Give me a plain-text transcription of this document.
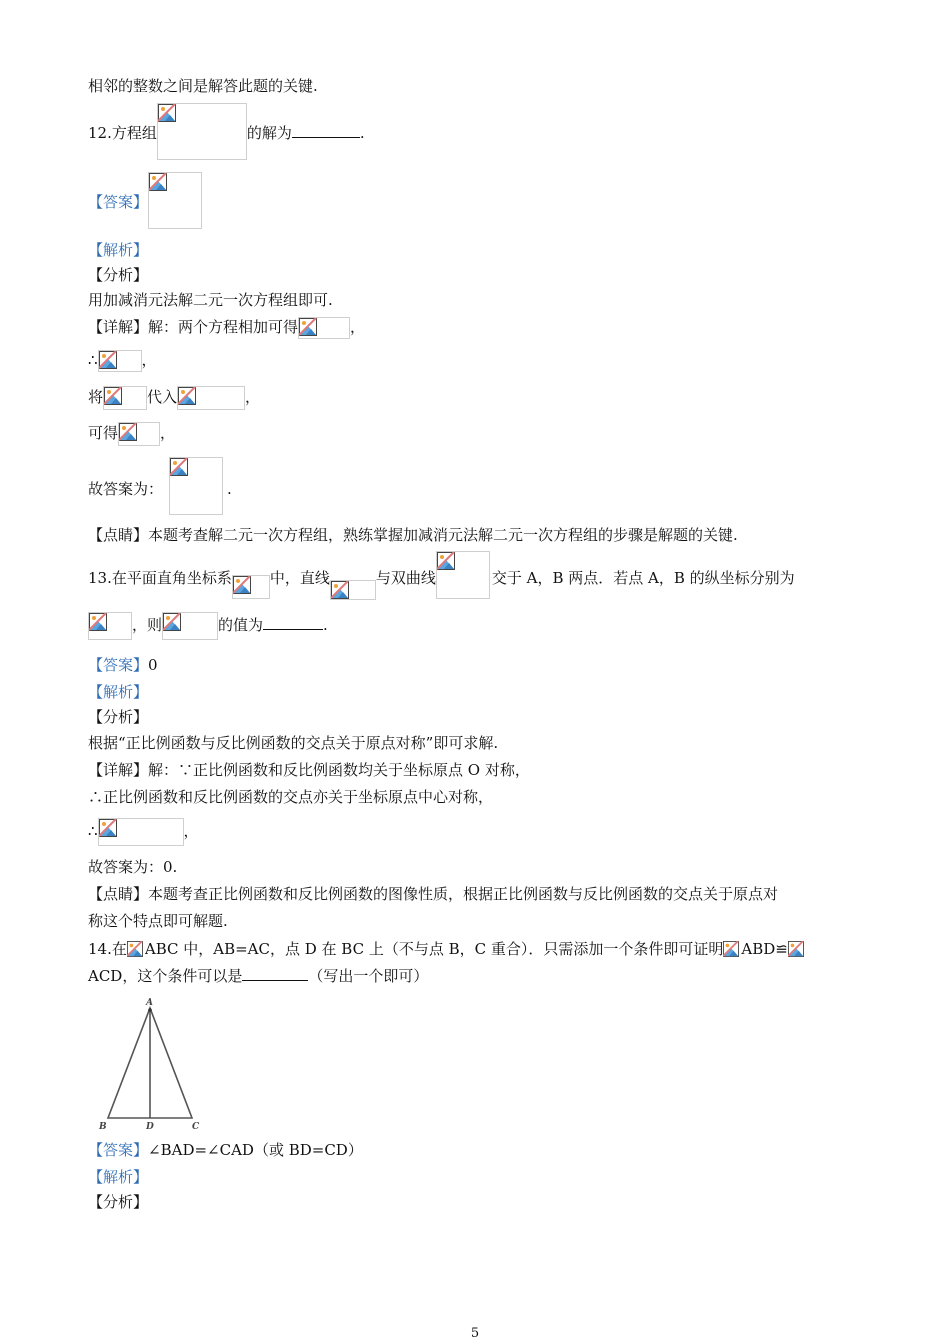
相邻的整数之间是解答此题的关键.
12.方程组	的解为	.
【答案】
【解析】
【分析】
用加减消元法解二元一次方程组即可.
【详解】解：两个方程相加可得	，
∴	，
将	代入	，
可得	，
故答案为：	.
【点睛】本题考查解二元一次方程组，熟练掌握加减消元法解二元一次方程组的步骤是解题的关键.
13.在平面直角坐标系	中，直线	与双曲线	交于 A，B 两点．若点 A，B 的纵坐标分别为
，则	的值为	.
【答案】0
【解析】
【分析】
根据“正比例函数与反比例函数的交点关于原点对称”即可求解.
【详解】解：∵正比例函数和反比例函数均关于坐标原点 O 对称，
∴正比例函数和反比例函数的交点亦关于坐标原点中心对称，
∴	，
故答案为：0.
【点睛】本题考查正比例函数和反比例函数的图像性质，根据正比例函数与反比例函数的交点关于原点对
称这个特点即可解题.
14.在 ABC 中，AB=AC，点 D 在 BC 上（不与点 B，C 重合）．只需添加一个条件即可证明 ABD≌
ACD，这个条件可以是	（写出一个即可）
A
B	D	C
【答案】∠BAD=∠CAD（或 BD=CD）
【解析】
【分析】
5
